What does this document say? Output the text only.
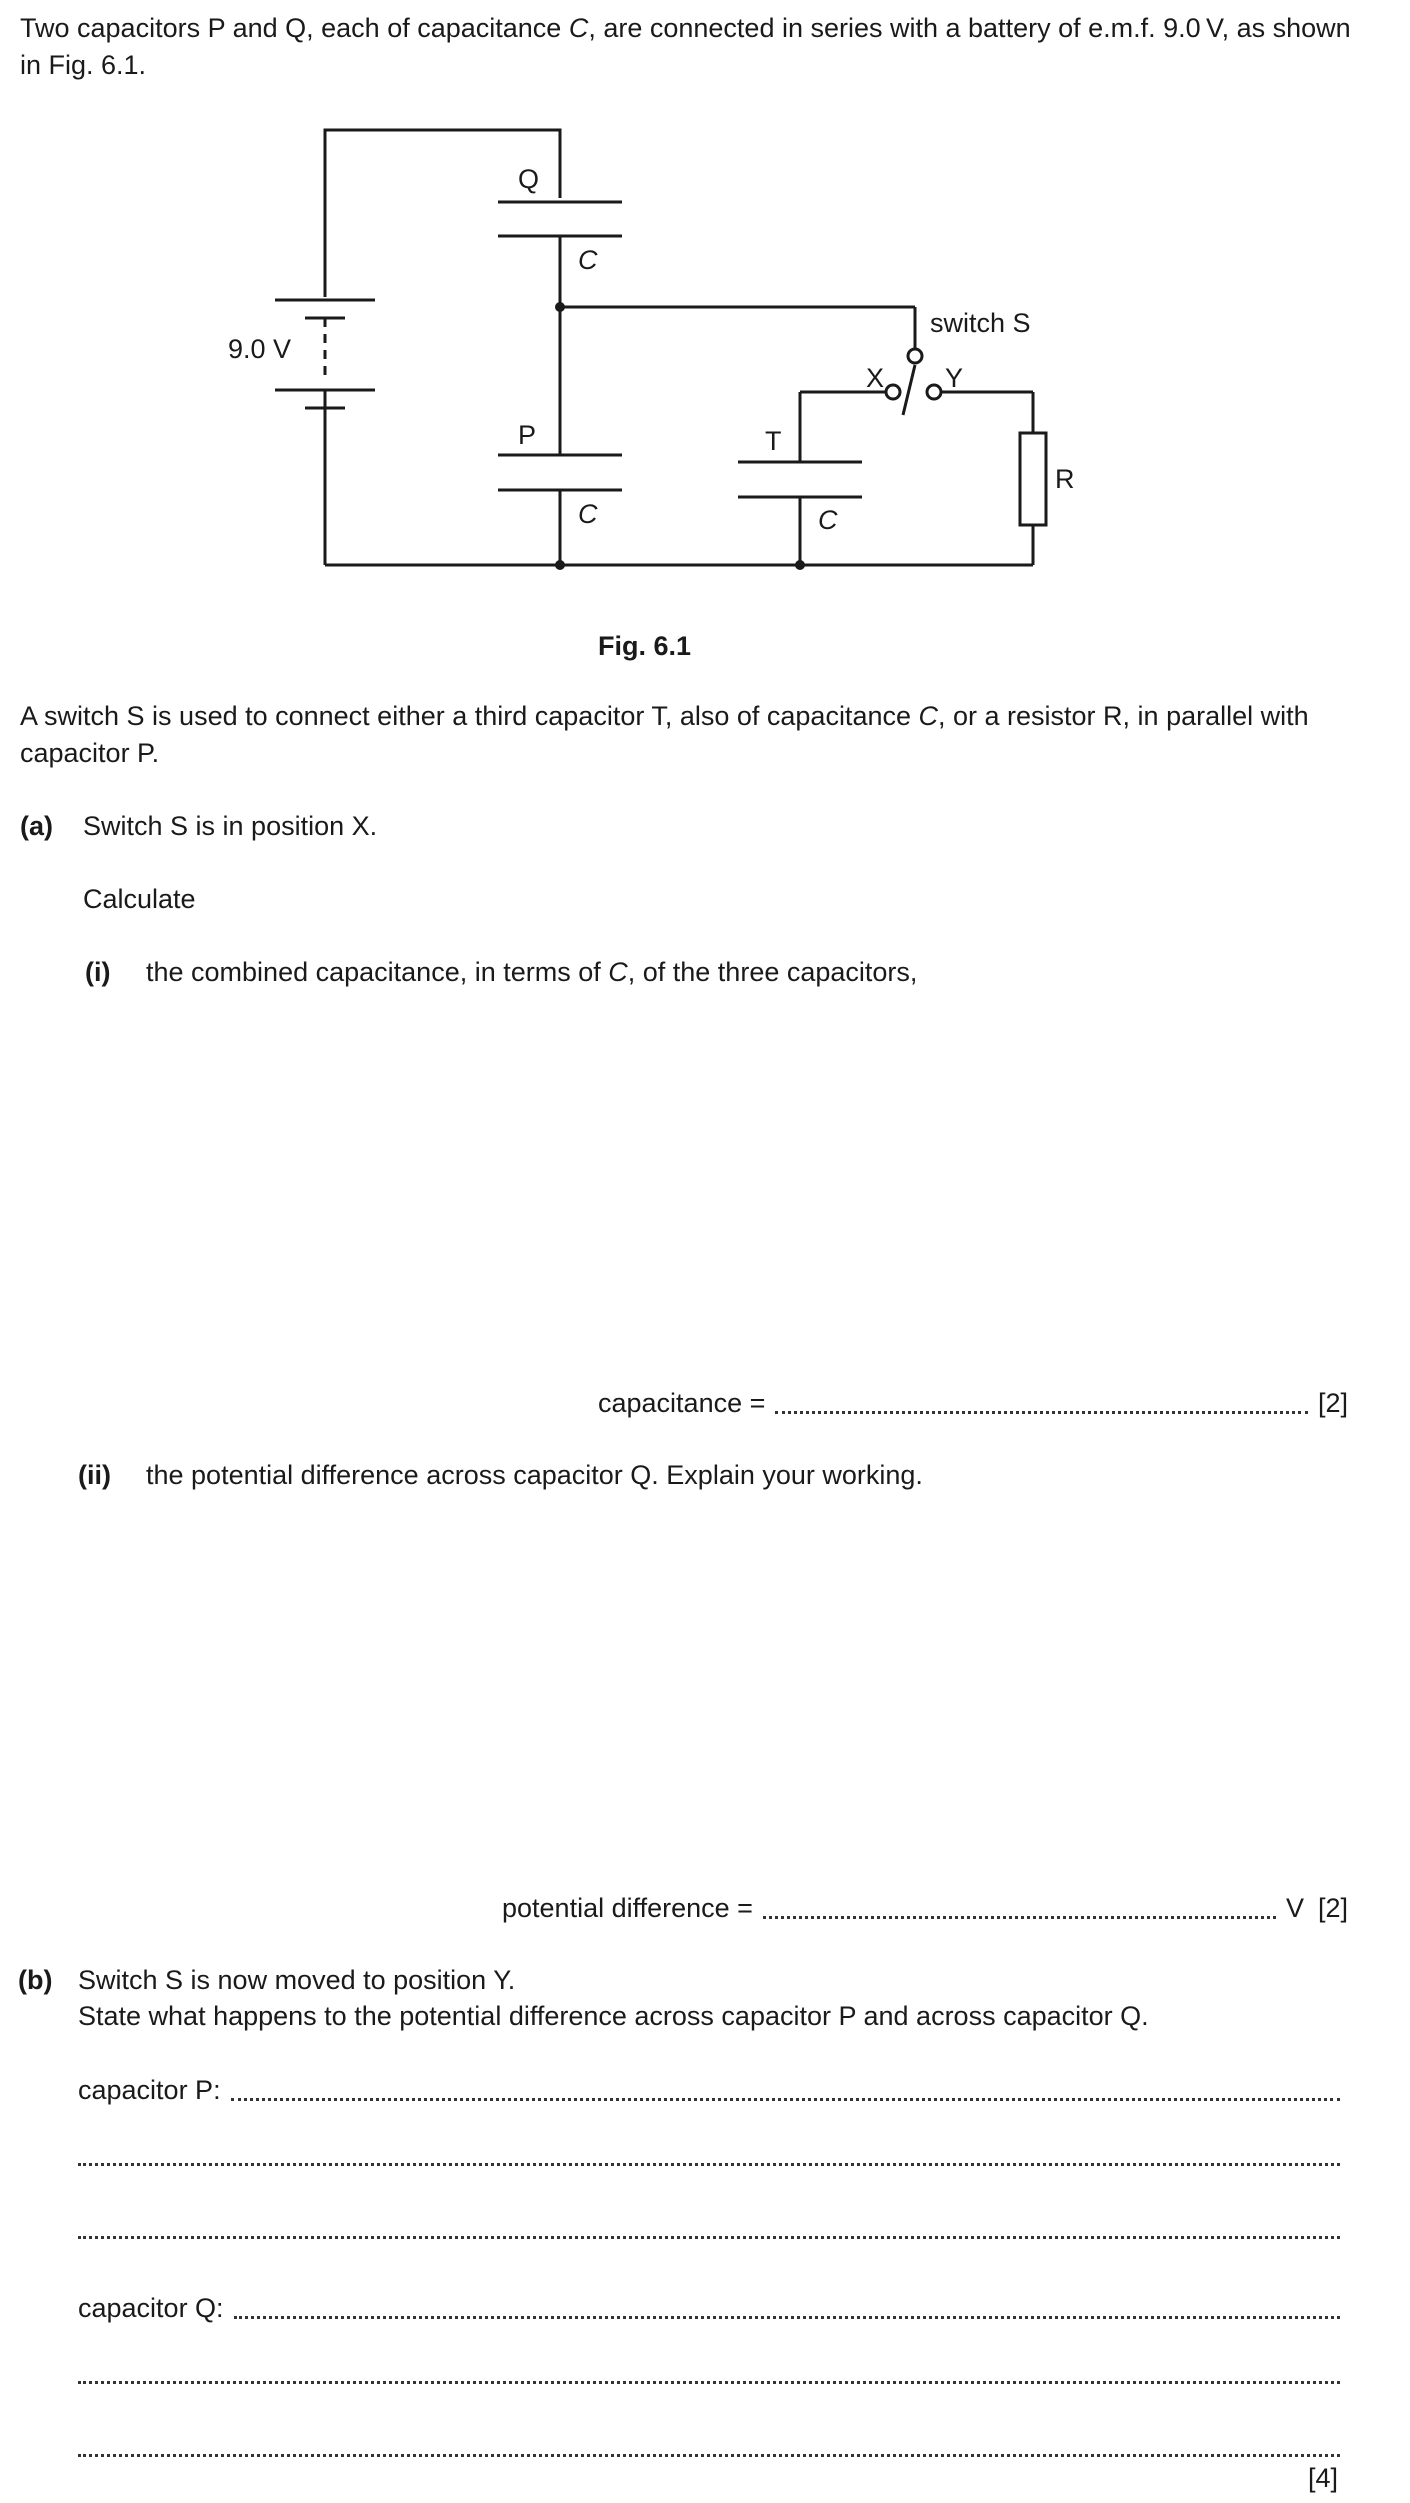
Two capacitors P and Q, each of capacitance C, are connected in series with a battery of e.m.f. 9.0 V, as shown in Fig. 6.1.
9.0 V
Q
C
P
C
T
C
R
switch S
X Y
Fig. 6.1
A switch S is used to connect either a third capacitor T, also of capacitance C, or a resistor R, in parallel with capacitor P.
(a) Switch S is in position X.
Calculate
(i) the combined capacitance, in terms of C, of the three capacitors,
capacitance =	[2]
(ii) the potential difference across capacitor Q. Explain your working.
potential difference =	V [2]
(b) Switch S is now moved to position Y.
State what happens to the potential difference across capacitor P and across capacitor Q.
capacitor P:
capacitor Q:
[4]
